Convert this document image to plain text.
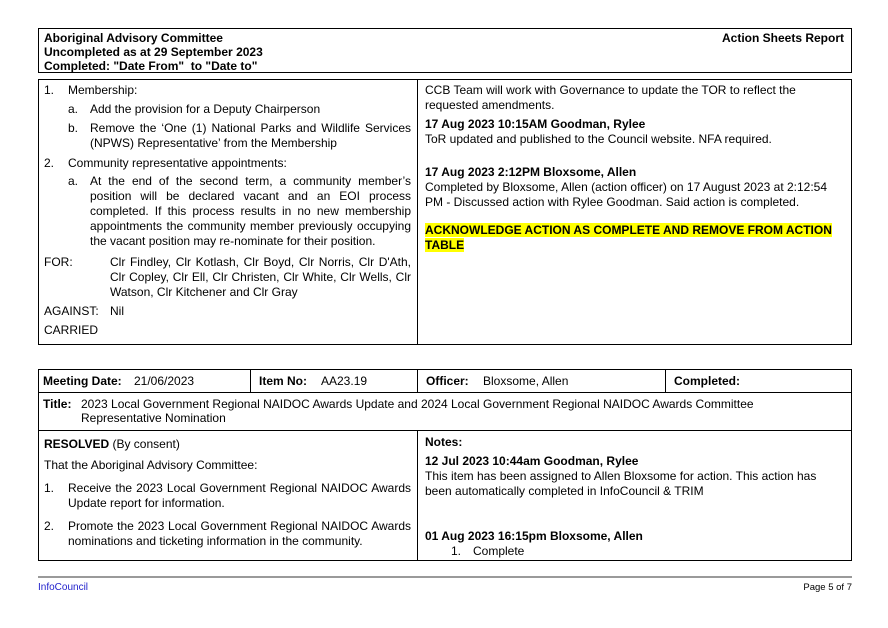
Aboriginal Advisory Committee
Uncompleted as at 29 September 2023
Completed: "Date From"  to "Date to"
Action Sheets Report
1.	Membership:
a. Add the provision for a Deputy Chairperson
b. Remove the ‘One (1) National Parks and Wildlife Services (NPWS) Representative’ from the Membership
2.	Community representative appointments:
a. At the end of the second term, a community member’s position will be declared vacant and an EOI process completed. If this process results in no new membership appointments the community member previously occupying the vacant position may re-nominate for their position.
FOR:	Clr Findley, Clr Kotlash, Clr Boyd, Clr Norris, Clr D'Ath, Clr Copley, Clr Ell, Clr Christen, Clr White, Clr Wells, Clr Watson, Clr Kitchener and Clr Gray
AGAINST: Nil
CARRIED
CCB Team will work with Governance to update the TOR to reflect the requested amendments.
17 Aug 2023 10:15AM Goodman, Rylee
ToR updated and published to the Council website. NFA required.
17 Aug 2023 2:12PM Bloxsome, Allen
Completed by Bloxsome, Allen (action officer) on 17 August 2023 at 2:12:54 PM - Discussed action with Rylee Goodman. Said action is completed.
ACKNOWLEDGE ACTION AS COMPLETE AND REMOVE FROM ACTION TABLE
Meeting Date:	21/06/2023	Item No:	AA23.19	Officer:	Bloxsome, Allen	Completed:
Title: 2023 Local Government Regional NAIDOC Awards Update and 2024 Local Government Regional NAIDOC Awards Committee Representative Nomination
RESOLVED (By consent)
That the Aboriginal Advisory Committee:
1.	Receive the 2023 Local Government Regional NAIDOC Awards Update report for information.
2.	Promote the 2023 Local Government Regional NAIDOC Awards nominations and ticketing information in the community.
Notes:
12 Jul 2023 10:44am Goodman, Rylee
This item has been assigned to Allen Bloxsome for action. This action has been automatically completed in InfoCouncil & TRIM
01 Aug 2023 16:15pm Bloxsome, Allen
1. Complete
InfoCouncil	Page 5 of 7
